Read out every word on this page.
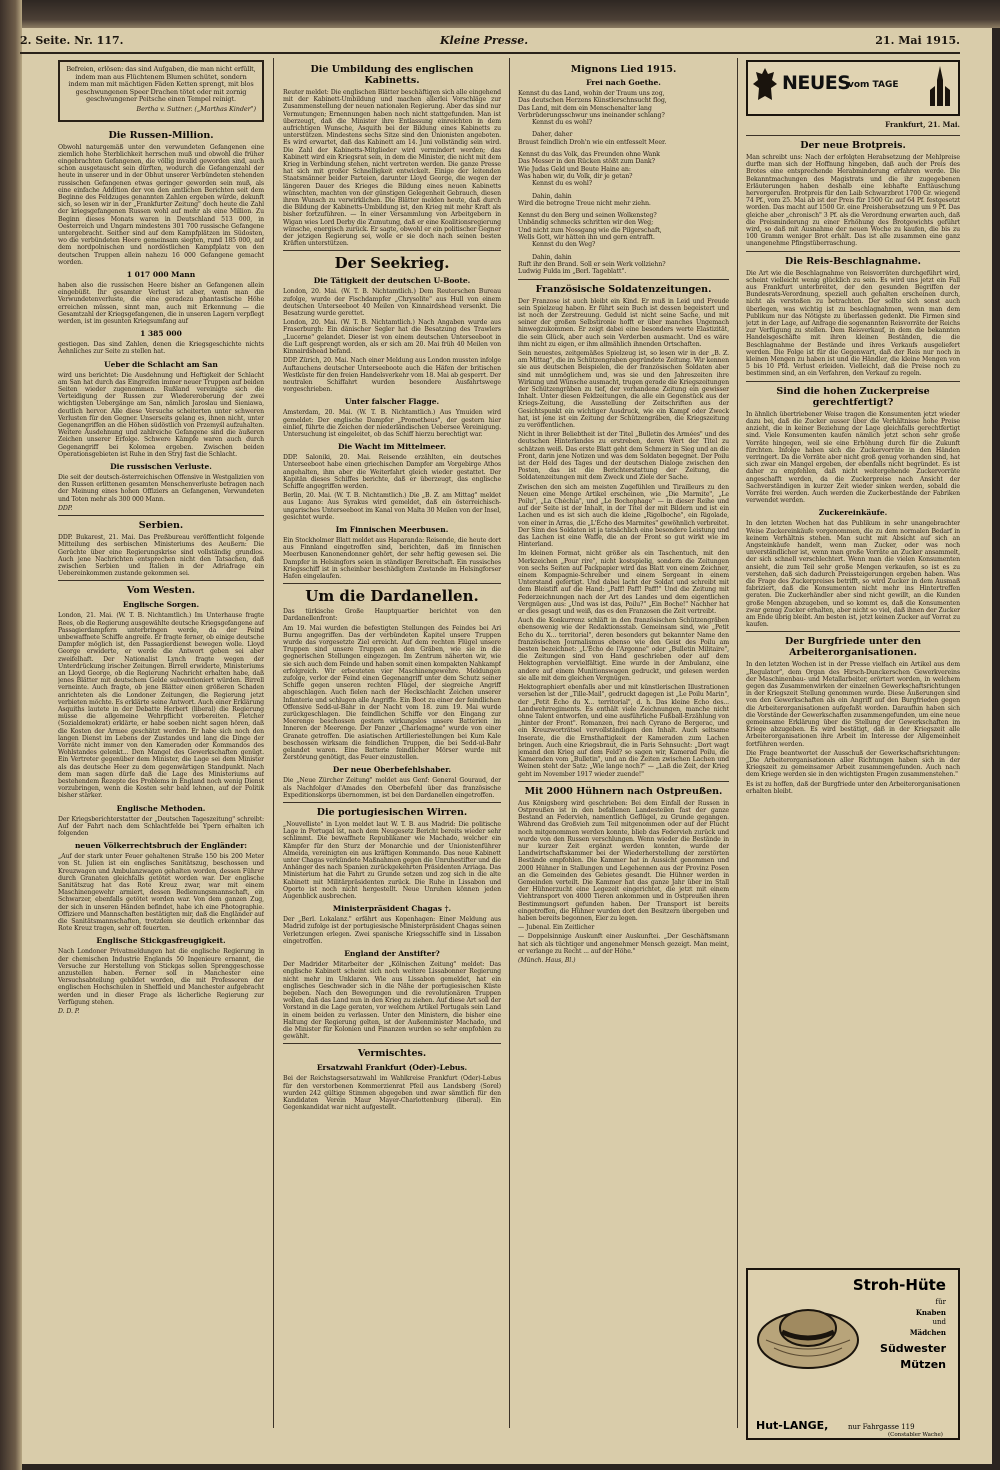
2. Seite. Nr. 117.	Kleine Presse.	21. Mai 1915.

Befreien, erlösen: das sind Aufgaben, die man nicht erfüllt, indem man aus Flüchtenem Blumen schütet, sondern indem man mit mächtigen Fäden Ketten sprengt, mit blos geschwungenen Speer Drachen tötet oder mit zornig geschwungener Peitsche einen Tempel reinigt.

Bertha v. Suttner. („Marthas Kinder")

Die Russen-Million.

Obwohl naturgemäß unter den verwundeten Gefangenen eine ziemlich hohe Sterblichkeit herrschen muß und obwohl die früher eingebrachten Gefangenen, die völlig invalid geworden sind, auch schon ausgetauscht sein dürften, wodurch die Gefangenzahl der heute in unserer und in der Obhut unserer Verbündeten stehenden russischen Gefangenen etwas geringer geworden sein muß, als eine einfache Addition der von den amtlichen Berichten seit dem Beginne des Feldzuges genannten Zahlen ergeben würde, dekunft sich, so lesen wir in der „Frankfurter Zeitung" doch heute die Zahl der kriegsgefangenen Russen wohl auf mehr als eine Million. Zu Beginn dieses Monats waren in Deutschland 513 000, in Oesterreich und Ungarn mindestens 301 700 russische Gefangene untergebracht. Seither sind auf dem Kampfplätzen im Südosten, wo die verbündeten Heere gemeinsam siegten, rund 185 000, auf dem nordpolnischen und nordöstlichen Kampfplatz von den deutschen Truppen allein nahezu 16 000 Gefangene gemacht worden.

1 017 000 Mann

haben also die russischen Heere bisher an Gefangenen allein eingebüßt. Ihr gesamter Verlust ist aber, wenn man die Verwundetenverluste, die eine geradezu phantastische Höhe erreichen müssen, sinnt man, auch mit Erkennung — die Gesamtzahl der Kriegsgefangenen, die in unseren Lagern verpflegt werden, ist im gesunten Kriegsumfang auf

1 385 000

gestiegen. Das sind Zahlen, denen die Kriegsgeschichte nichts Aehnliches zur Seite zu stellen hat.

Ueber die Schlacht am San

wird uns berichtet: Die Ausdehnung und Heftigkeit der Schlacht am San hat durch das Eingreifen immer neuer Truppen auf beiden Seiten wieder zugenommen. Rußland vereinigte sich die Verteidigung der Russen zur Wiedereroberung der zwei wichtigsten Uebergänge am San, nämlich Jaroslau und Sieniawa, deutlich hervor. Alle diese Versuche scheiterten unter schweren Verlusten für den Gegner. Unserseits gelang es, ihnen nicht, unter Gegenangriffen an die Höhen südöstlich von Przemyśl aufzuhalten. Weitere Ausdehnung und zahlreiche Gefangene sind die äußeren Zeichen unserer Erfolge. Schwere Kämpfe waren auch durch Gegenangriff bei Kolomea ergeben. Zwischen beiden Operationsgebieten ist Ruhe in den Stryj fast die Schlacht.

Die russischen Verluste.

Die seit der deutsch-österreichischen Offensive in Westgalizien von den Russen erlittenen gesamten Menschenverluste betragen nach der Meinung eines hohen Offiziers an Gefangenen, Verwundeten und Toten mehr als 300 000 Mann.

DDP.

Serbien.

DDP. Bukarest, 21. Mai. Das Preßbureau veröffentlicht folgende Mitteilung des serbischen Ministeriums des Aeußern: Die Gerüchte über eine Regierungskrise sind vollständig grundlos. Auch jene Nachrichten entsprechen nicht den Tatsachen, daß zwischen Serbien und Italien in der Adriafrage ein Uebereinkommen zustande gekommen sei.

Vom Westen.
Englische Sorgen.

London, 21. Mai. (W. T. B. Nichtamtlich.) Im Unterhause fragte Rees, ob die Regierung ausgewählte deutsche Kriegsgefangene auf Passagierdampfern unterbringen werde, da der Feind unbewaffnete Schiffe angreife. Er fragte ferner, ob einige deutsche Dampfer möglich ist, den Passagierdienst bewegen wolle. Lloyd George erwiderte, er werde die Antwort geben sei aber zweifelhaft. Der Nationalist Lynch fragte wegen der Unterdrückung irischer Zeitungen. Birrell erwiderte, Ministeriums an Lloyd George, ob die Regierung Nachricht erhalten habe, daß jenes Blätter mit deutschem Gelde subventioniert würden. Birrell verneinte. Auch fragte, ob jene Blätter einen größeren Schaden anrichteten als die Londoner Zeitungen, die Regierung jetzt verbieten möchte. Es erklärte seine Antwort. Auch einer Erklärung Asquiths lautete in der Debatte Herbert (liberal) die Regierung müsse die allgemeine Wehrpflicht vorbereiten. Fletcher (Sozialdemokrat) erklärte, er habe soeben nicht sagen hören, daß die Kosten der Armee geschätzt werden. Er habe sich noch den langen Dienst im Lebens der Zustandes und lang die Dinge der Vorräte nicht immer von den Kameraden oder Kommandos des Wohlstandes gelenkt... Den Mangel des Gewerkschaften genügt. Ein Vertreter gegenüber dem Minister, die Lage sei dem Minister als das deutsche Heer zu dem gegenwärtigen Standpunkt. Nach dem man sagen dürfe daß die Lage des Ministeriums auf bestehendem Rezepte des Problems in England noch wenig Dienst vorzubringen, wenn die Kosten sehr bald lehnen, auf der Politik bisher stärker.

Englische Methoden.

Der Kriegsberichterstatter der „Deutschen Tageszeitung" schreibt: Auf der Fahrt nach dem Schlachtfelde bei Ypern erhalten ich folgenden

neuen Völkerrechtsbruch der Engländer:

„Auf der stark unter Feuer gehaltenen Straße 150 bis 200 Meter von St. Julien ist ein englisches Sanitätszug, beschossen und Kreuzwagen und Ambulanzwagen gehalten worden, dessen Führer durch Granaten gleichfalls getötet worden war. Der englische Sanitätszug hat das Rote Kreuz zwar, war mit einem Maschinengewehr armiert, dessen Bedienungsmannschaft, ein Schwarzer, ebenfalls getötet worden war. Von dem ganzen Zug, der sich in unseren Händen befindet, habe ich eine Photographie. Offiziere und Mannschaften bestätigten mir, daß die Engländer auf die Sanitätsmannschaften, trotzdem sie deutlich erkennbar das Rote Kreuz tragen, sehr oft feuerten.

Englische Stickgasfreugigkeit.

Nach Londoner Privatmeldungen hat die englische Regierung in der chemischen Industrie Englands 50 Ingenieure ernannt, die Versuche zur Herstellung von Stickgas sollen Sprenggeschosse anzustellen haben. Ferner soll in Manchester eine Versuchsabteilung gebildet worden, die mit Professoren der englischen Hochschulen in Sheffield und Manchester aufgebracht werden und in dieser Frage als lächerliche Regierung zur Verfügung stehen.

D. D. P.

Die Umbildung des englischen Kabinetts.

Reuter meldet: Die englischen Blätter beschäftigen sich alle eingehend mit der Kabinett-Umbildung und machen allerlei Vorschläge zur Zusammenstellung der neuen nationalen Regierung. Aber das sind nur Vermutungen; Ernennungen haben noch nicht stattgefunden. Man ist überzeugt, daß die Minister ihre Entlassung einreichten in dem aufrichtigen Wunsche, Asquith bei der Bildung eines Kabinetts zu unterstützen. Mindestens sechs Sitze sind den Unionisten angeboten. Es wird erwartet, daß das Kabinett am 14. Juni vollständig sein wird. Die Zahl der Kabinetts-Mitglieder wird vermindert werden; das Kabinett wird ein Kriegsrat sein, in dem die Minister, die nicht mit dem Krieg in Verbindung stehen, nicht vertreten werden. Die ganze Presse hat sich mit großer Schnelligkeit entwickelt. Einige der leitenden Staatsmänner beider Parteien, darunter Lloyd George, die wegen der längeren Dauer des Krieges die Bildung eines neuen Kabinetts wünschten, machten von der günstigen Gelegenheit Gebrauch, diesen ihren Wunsch zu verwirklichen. Die Blätter melden heute, daß durch die Bildung der Kabinetts-Umbildung ist, den Krieg mit mehr Kraft als bisher fortzuführen. — In einer Versammlung von Arbeitgebern in Wigan wies Lord Derby die Zumutung, daß er eine Koalitionsregierung wünsche, energisch zurück. Er sagte, obwohl er ein politischer Gegner der jetzigen Regierung sei, wolle er sie doch nach seinen besten Kräften unterstützen.

Der Seekrieg.
Die Tätigkeit der deutschen U-Boote.

London, 20. Mai. (W. T. B. Nichtamtlich.) Dem Reuterschen Bureau zufolge, wurde der Fischdampfer „Chrysolite" aus Hull von einem deutschen Unterseeboot 40 Meilen von Kinnairdshead versenkt. Die Besatzung wurde gerettet.

London, 20. Mai. (W. T. B. Nichtamtlich.) Nach Angaben wurde aus Fraserburgh: Ein dänischer Segler hat die Besatzung des Trawlers „Lucerne" gelandet. Dieser ist von einem deutschen Unterseeboot in die Luft gesprengt worden, als er sich am 20. Mai früh 40 Meilen von Kinnairdshead befand.

DDP. Zürich, 20. Mai. Nach einer Meldung aus London mussten infolge Auftauchens deutscher Unterseeboote auch die Häfen der britischen Westküste für den freien Handelsverkehr vom 18. Mai ab gesperrt. Der neutralen Schiffahrt wurden besondere Ausfahrtswege vorgeschrieben.

Unter falscher Flagge.

Amsterdam, 20. Mai. (W. T. B. Nichtamtlich.) Aus Ymuiden wird gemeldet: Der englische Dampfer „Prometheus", der gestern hier einlief, führte die Zeichen der niederländischen Uebersee Vereinigung. Untersuchung ist eingeleitet, ob das Schiff hierzu berechtigt war.

Die Wacht im Mittelmeer.

DDP. Saloniki, 20. Mai. Reisende erzählten, ein deutsches Unterseeboot habe einen griechischen Dampfer am Vorgebirge Athos angehalten, ihm aber die Weiterfahrt gleich wieder gestattet. Der Kapitän dieses Schiffes berichte, daß er überzeugt, das englische Schiffe angegriffen werden.

Berlin, 20. Mai. (W. T. B. Nichtamtlich.) Die „B. Z. am Mittag" meldet aus Lugano: Aus Syrakus wird gemeldet, daß ein österreichisch-ungarisches Unterseeboot im Kanal von Malta 30 Meilen von der Insel, gesichtet wurde.

Im Finnischen Meerbusen.

Ein Stockholmer Blatt meldet aus Haparanda: Reisende, die heute dort aus Finnland eingetroffen sind, berichten, daß im finnischen Meerbusen Kanonendonner gehört, der sehr heftig gewesen sei. Die Dampfer in Helsingfors seien in ständiger Bereitschaft. Ein russisches Kriegsschiff ist in scheinbar beschädigtem Zustande im Helsingforser Hafen eingelaufen.

Um die Dardanellen.

Das türkische Große Hauptquartier berichtet von den Dardanellenfront:

Am 19. Mai wurden die befestigten Stellungen des Feindes bei Ari Burnu angegriffen. Das der verbündeten Kapitel unsere Truppen wurde das vorgesetzte Ziel erreicht. Auf dem rechten Flügel unsere Truppen sind unsere Truppen an den Gräben, wie sie in die gegnerischen Stellungen eingezogen. Im Zentrum näherten wir, wie sie sich auch dem Feinde und haben somit einen kompakten Nahkampf erfolgreich. Wir erbeuteten vier Maschinengewehre. Meldungen zufolge, verlor der Feind einen Gegenangriff unter dem Schutz seiner Schiffe gegen unseren rechten Flügel, der siegreiche Angriff abgeschlagen. Auch fielen nach der Heckschlacht Zeichen unserer Infanterie und schlugen alle Angriffe. Ein Boot zu einer der feindlichen Offensive Sedd-ul-Bahr in der Nacht vom 18. zum 19. Mai wurde zurückgeschlagen. Die feindlichen Schiffe vor den Eingang zur Meerenge beschossen gestern wirkungslos unsere Batterien im Inneren der Meerenge. Der Panzer „Charlemagne" wurde von einer Granate getroffen. Die asiatischen Artilleriestellungen bei Kum Kale beschossen wirksam die feindlichen Truppen, die bei Sedd-ul-Bahr gelandet waren. Eine Batterie feindlicher Mörser wurde mit Zerstörung genötigt, das Feuer einzustellen.

Der neue Oberbefehlshaber.

Die „Neue Zürcher Zeitung" meldet aus Genf: General Gouraud, der als Nachfolger d'Amades den Oberbefehl über das französische Expeditionskorps übernommen, ist bei den Dardanellen eingetroffen.

Die portugiesischen Wirren.

„Nouvelliste" in Lyon meldet laut W. T. B. aus Madrid: Die politische Lage in Portugal ist, nach dem Neugesetz Bericht bereits wieder sehr schlimmt. Die bewaffnete Republikaner wie Machado, welcher ein Kämpfer für den Sturz der Monarchie und der Unionistenführer Almeida, vereinigten ein aus kräftigen Kommando. Das neue Kabinett unter Chagas verkündete Maßnahmen gegen die Unruhestifter und die Anhänger des nach Spanien zurückgekehrten Präsidenten Arriaga. Das Ministerium hat die Fahrt zu Grunde setzen und zog sich in die alte Kabinett mit Militärpräsidenten zurück. Die Ruhe in Lissabon und Oporto ist noch nicht hergestellt. Neue Unruhen können jeden Augenblick ausbrechen.

Ministerpräsident Chagas †.

Der „Berl. Lokalanz." erfährt aus Kopenhagen: Einer Meldung aus Madrid zufolge ist der portugiesische Ministerpräsident Chagas seinen Verletzungen erlegen. Zwei spanische Kriegsschiffe sind in Lissabon eingetroffen.

England der Anstifter?

Der Madrider Mitarbeiter der „Kölnischen Zeitung" meldet: Das englische Kabinett scheint sich noch weitere Lissabonner Regierung nicht mehr im Unklaren. Wie aus Lissabon gemeldet, hat ein englisches Geschwader sich in die Nähe der portugiesischen Küste begeben. Nach den Bewegungen und die revolutionären Truppen wollen, daß das Land nun in den Krieg zu ziehen. Auf diese Art soll der Vorstand in die Lage geraten, vor welchem Artikel Portugals sein Land in einem beiden zu verlassen. Unter den Ministern, die bisher eine Haltung der Regierung gelten, ist der Außenminister Machado, und die Minister für Kolonien und Finanzen wurden so sehr empfohlen zu gewählt.

Vermischtes.
Ersatzwahl Frankfurt (Oder)-Lebus.

Bei der Reichstagsersatzwahl im Wahlkreise Frankfurt (Oder)-Lebus für den verstorbenen Kommerzienrat Pfeil aus Landsberg (Sorel) wurden 242 gültige Stimmen abgegeben und zwar sämtlich für den Kandidaten Verein Maur Mayer-Charlottenburg (liberal). Ein Gegenkandidat war nicht aufgestellt.

Mignons Lied 1915.
Frei nach Goethe.

Kennst du das Land, wohin der Traum uns zog,

Das deutschen Herzens Künstlerschnsucht flog,

Das Land, mit dem ein Menschenalter lang

Verbrüderungsschwur uns ineinander schlang?

Kennst du es wohl?

Daher, daher

Braust feindlich Droh'n wie ein entfesselt Meer.

Kennst du das Volk, das Freunden ohne Wank

Das Messer in den Rücken stößt zum Dank?

Wie Judas Geld und Beute Haine an:

Was haben wir, du Volk, dir je getan?

Kennst du es wohl?

Dahin, dahin

Wird die betrogne Treue nicht mehr ziehn.

Kennst du den Berg und seinen Wolkensteg?

Unbändig schmecks schritten wir den Weg;

Und nicht zum Nossgang wie die Pilgerschaft,

Wells Gott, wir hätten ihn und gern entrafft.

Kennst du den Weg?

Dahin, dahin

Ruft ihr den Brand. Soll er sein Werk vollziehn?

Ludwig Fulda im „Berl. Tageblatt".

Französische Soldatenzeitungen.

Der Franzose ist auch bleibt ein Kind. Er muß in Leid und Freude sein Spielzeug haben. Er führt sein Buch ist dessen begeistert und ist noch der Zerstreuung. Geduld ist nicht seine Sache, und mit seiner der großen Selbstironie hofft er über manches Ungemach hinwegzukommen. Er zeigt dabei eine besonders werte Elastizität, die sein Glück, aber auch sein Verderben ausmacht. Und es wäre ihm nicht zu eigen, er ihm allmählich ihnenden Ortschaften.

Sein neuestes, zeitgemäßes Spielzeug ist, so lesen wir in der „B. Z. am Mittag", die im Schützengraben gegründete Zeitung. Wir kennen sie aus deutschen Beispielen, die der französischen Soldaten aber sind mit unmöglichem und, was sie und den Jahreszeiten ihre Wirkung und Wünsche ausmacht, trugen gerade die Kriegszeitungen der Schützengräben zu tief, der vorhandene Zeitung ein gewisser Inhalt. Unter diesen Feldzeitungen, die alle ein Gegenstück aus der Kriegs-Zeitung, die Ausstellung der Zeitschriften aus der Gesichtspunkt ein wichtiger Ausdruck, wie ein Kampf oder Zweck hat, ist jene ist ein Zeitung der Schützengräben, die Kriegszeitung zu veröffentlichen.

Nicht in ihrer Beliebtheit ist der Titel „Bulletin des Armées" und des deutschen Hinterlandes zu erstreben, deren Wert der Titel zu schätzen weiß. Das erste Blatt geht dem Schmerz in Sieg und an die Front, darin jene Notizen und was dem Soldaten begegnet. Der Poilu ist der Held des Tages und der deutschen Dialoge zwischen den Posten, das ist die Berichterstattung der Zeitung, die Soldatenzeitungen mit dem Zweck und Ziele der Sache.

Zwischen den sich am meisten Zugefühlen und Tirailleurs zu den Neuen eine Menge Artikel erscheinen, wie „Die Marmite", „Le Poilu", „La Chéchia", und „Le Bochophage" — in dieser Reihe und auf der Seite ist der Inhalt, in der Titel der mit Bildern und ist ein Lachen und es ist sich auch die kleine „Rigolboche", ein Rigolade, von einer in Arras, die „L'Écho des Marmites" gewöhnlich verbreitet. Der Sinn des Soldaten ist ja tatsächlich eine besondere Leistung und das Lachen ist eine Waffe, die an der Front so gut wirkt wie im Hinterland.

Im kleinen Format, nicht größer als ein Taschentuch, mit den Merkzeichen „Pour rire", nicht kostspielig, sondern die Zeitungen von sechs Seiten auf Packpapier wird das Blatt von einem Zeichner, einem Kompagnie-Schreiber und einem Sergeant in einem Unterstand gefertigt. Und dabei lacht der Soldat und schreibt mit dem Bleistift auf die Hand: „Paff! Paff! Paff!" Und die Zeitung mit Federzeichnungen nach der Art des Landes und dem eigentlichen Vergnügen aus: „Und was ist das, Poilu?" „Ein Boche!" Nachher hat er dies gesagt und weiß, das es den Franzosen die Zeit vertreibt.

Auch die Konkurrenz schläft in den französischen Schützengräben ebensowenig wie der Redaktionsstab. Gemeinsam sind, wie „Petit Echo du X... territorial", deren besonders gut bekannter Name den französischen Journalismus ebenso wie den Geist des Poilu am besten bezeichnet: „L'Écho de l'Argonne" oder „Bulletin Militaire", die Zeitungen sind von Hand geschrieben oder auf dem Hektographen vervielfältigt. Eine wurde in der Ambulanz, eine andere auf einem Munitionswagen gedruckt, und gelesen werden sie alle mit dem gleichen Vergnügen.

Hektographiert ebenfalls aber und mit künstlerischen Illustrationen versehen ist der „Tille-Mail", gedruckt dagegen ist „Le Poilu Marin", der „Petit Écho du X... territorial", d. h. Das kleine Echo des... Landwehrregiments. Es enthält viele Zeichnungen, manche nicht ohne Talent entworfen, und eine ausführliche Fußball-Erzählung von „hinter der Front". Romanzen, frei nach Cyrano de Bergerac, und ein Kreuzworträtsel vervollständigen den Inhalt. Auch seltsame Inserate, die die Ernsthaftigkeit der Kameraden zum Lachen bringen. Auch eine Kriegsbraut, die in Paris Sehnsucht: „Dort wagt jemand den Krieg auf dem Feld? so sagen wir, Kamerad Poilu, die Kameraden vom „Bulletin", und an die Zeiten zwischen Lachen und Weinen steht der Satz: „Wie lange noch?" — „Laß die Zeit, der Krieg geht im November 1917 wieder zuende!"

Mit 2000 Hühnern nach Ostpreußen.

Aus Königsberg wird geschrieben: Bei dem Einfall der Russen in Ostpreußen ist in den befallenen Landesteilen fast der ganze Bestand an Federvieh, namentlich Geflügel, zu Grunde gegangen. Während das Großvieh zum Teil mitgenommen oder auf der Flucht noch mitgenommen werden konnte, blieb das Federvieh zurück und wurde von den Russen verschlungen. Wenn wieder die Bestände in nur kurzer Zeit ergänzt werden konnten, wurde der Landwirtschaftskammer bei der Wiederherstellung der zerstörten Bestände empfohlen. Die Kammer hat in Aussicht genommen und 2000 Hühner in Stallungen und Legehennen aus der Provinz Posen an die Gemeinden des Gebietes gesandt. Die Hühner werden in Gemeinden verteilt. Die Kammer hat das ganze Jahr über im Stall der Hühnerzucht eine Legezeit eingerichtet, die jetzt mit einem Viehtransport von 4000 Tieren ankommen und in Ostpreußen ihren Bestimmungsort gefunden haben. Der Transport ist bereits eingetroffen, die Hühner wurden dort den Besitzern übergeben und haben bereits begonnen, Eier zu legen.

— Jubenal. Ein Zeitlicher

— Doppelsinnige Auskunft einer Auskunftei. „Der Geschäftsmann hat sich als tüchtiger und angenehmer Mensch gezeigt. Man meint, er verlange zu Recht ... auf der Höhe."

(Münch. Haus, Bl.)

NEUES
vom TAGE
Frankfurt, 21. Mai.
Der neue Brotpreis.

Man schreibt uns: Nach der erfolgten Herabsetzung der Mehlpreise durfte man sich der Hoffnung hingeben, daß auch der Preis des Brotes eine entsprechende Herabminderung erfahren werde. Die Bekanntmachungen des Magistrats und die ihr zugegebenen Erläuterungen haben deshalb eine lebhafte Enttäuschung hervorgerufen. Brotpreis für den Laib Schwarzbrot 1700 Gr. wiegend 74 Pf., vom 25. Mai ab ist der Preis für 1500 Gr. auf 64 Pf. festgesetzt worden. Das macht auf 1500 Gr. eine Preisherabsetzung um 9 Pf. Das gleiche aber „chronisch" 3 Pf. als die Verordnung erwarten auch, daß die Preisminderung zu einer Erhöhung des Brotgewichts geführt wird, so daß mit Ausnahme der neuen Woche zu kaufen, die bis zu 100 Gramm weniger Brot erhält. Das ist alle zusammen eine ganz unangenehme Pfingstüberraschung.

Die Reis-Beschlagnahme.

Die Art wie die Beschlagnahme von Reisvorräten durchgeführt wird, scheint vielleicht wenig glücklich zu sein. Es wird uns jetzt ein Fall aus Frankfurt unterbreitet, der den gesunden Begriffen der Bundesrats-Verordnung, speziell auch gehalten erscheinen durch, nicht als verstoßen zu betrachten. Der sollte sich sonst auch überlegen, was wichtig ist zu beschlagnahmen, wenn man dem Publikum nur das Nötigste zu überlassen gedenkt. Die Firmen sind jetzt in der Lage, auf Anfrage die sogenannten Reisvorräte der Reichs zur Verfügung zu stellen. Dem Reisverkauf, in dem die bekannten Handelsgeschäfte mit ihren kleinen Beständen, die die Beschlagnahme der Bestände und ihres Verkaufs ausgeliefert werden. Die Folge ist für die Gegenwart, daß der Reis nur noch in kleinen Mengen zu haben ist und die Händler, die kleine Mengen von 5 bis 10 Pfd. Verlust erleiden. Vielleicht, daß die Preise noch zu bestimmen sind, an ein Verfahren, den Verkauf zu regeln.

Sind die hohen Zuckerpreise gerechtfertigt?

In ähnlich übertriebener Weise tragen die Konsumenten jetzt wieder dazu bei, daß die Zucker ausser über die Verhältnisse hohe Preise anzieht, die in keiner Beziehung der Lage gleichfalls gerechtfertigt sind. Viele Konsumenten kaufen nämlich jetzt schon sehr große Vorräte hingegen, weil sie eine Erhöhung durch für die Zukunft fürchten. Infolge haben sich die Zuckervorräte in den Händen verringert. Da die Vorräte aber nicht groß genug vorhanden sind, hat sich zwar ein Mangel ergeben, der ebenfalls nicht begründet. Es ist daher zu empfehlen, daß nicht weitergehende Zuckervorräte angeschafft werden, da die Zuckerpreise nach Ansicht der Sachverständigen in kurzer Zeit wieder sinken werden, sobald die Vorräte frei werden. Auch werden die Zuckerbestände der Fabriken verwendet werden.

Zuckereinkäufe.

In den letzten Wochen hat das Publikum in sehr unangebrachter Weise Zuckereinkäufe vorgenommen, die zu dem normalen Bedarf in keinem Verhältnis stehen. Man sucht mit Absicht auf sich an Angsteinkäufe handelt, wenn man Zucker, oder was noch unverständlicher ist, wenn man große Vorräte an Zucker ansammelt, der sich schnell verschlechtert. Wenn man die vielen Konsumenten ansieht, die zum Teil sehr große Mengen verkaufen, so ist es zu verstehen, daß sich dadurch Preissteigerungen ergeben haben. Was die Frage des Zuckerpreises betrifft, so wird Zucker in dem Ausmaß fabriziert, daß die Konsumenten nicht mehr ins Hintertreffen geraten. Die Zuckerhändler aber sind nicht gewillt, an die Kunden große Mengen abzugeben, und so kommt es, daß die Konsumenten zwar genug Zucker erhalten, aber nicht so viel, daß ihnen der Zucker am Ende übrig bleibt. Am besten ist, jetzt keinen Zucker auf Vorrat zu kaufen.

Der Burgfriede unter den Arbeiterorganisationen.

In den letzten Wochen ist in der Presse vielfach ein Artikel aus dem „Regulator", dem Organ des Hirsch-Dunckerschen Gewerkvereins der Maschinenbau- und Metallarbeiter, erörtert worden, in welchem gegen das Zusammenwirken der einzelnen Gewerkschaftsrichtungen in der Kriegszeit Stellung genommen wurde. Diese Äußerungen sind von den Gewerkschaften als ein Angriff auf den Burgfrieden gegen die Arbeiterorganisationen aufgefaßt worden. Daraufhin haben sich die Vorstände der Gewerkschaften zusammengefunden, um eine neue gemeinsame Erklärung über die Stellung der Gewerkschaften im Kriege abzugeben. Es wird bestätigt, daß in der Kriegszeit alle Arbeiterorganisationen ihre Arbeit im Interesse der Allgemeinheit fortführen werden.

Die Frage beantwortet der Ausschuß der Gewerkschaftsrichtungen: „Die Arbeiterorganisationen aller Richtungen haben sich in der Kriegszeit zu gemeinsamer Arbeit zusammengefunden. Auch nach dem Kriege werden sie in den wichtigsten Fragen zusammenstehen."

Es ist zu hoffen, daß der Burgfriede unter den Arbeiterorganisationen erhalten bleibt.

Stroh-Hüte
für
Knaben
und
Mädchen
Südwester
Mützen
Hut-LANGE,	nur Fahrgasse 119
(Constabler Wache)
